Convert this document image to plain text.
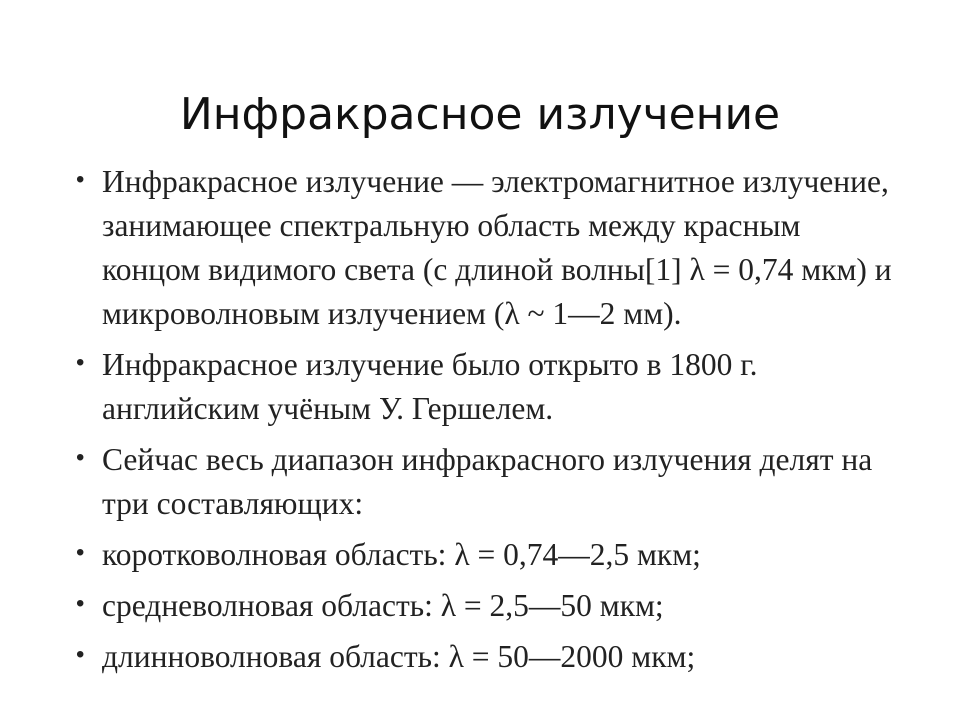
Инфракрасное излучение
• Инфракрасное излучение — электромагнитное излучение, занимающее спектральную область между красным концом видимого света (с длиной волны[1] λ = 0,74 мкм) и микроволновым излучением (λ ~ 1—2 мм).
• Инфракрасное излучение было открыто в 1800 г. английским учёным У. Гершелем.
• Сейчас весь диапазон инфракрасного излучения делят на три составляющих:
• коротковолновая область: λ = 0,74—2,5 мкм;
• средневолновая область: λ = 2,5—50 мкм;
• длинноволновая область: λ = 50—2000 мкм;
